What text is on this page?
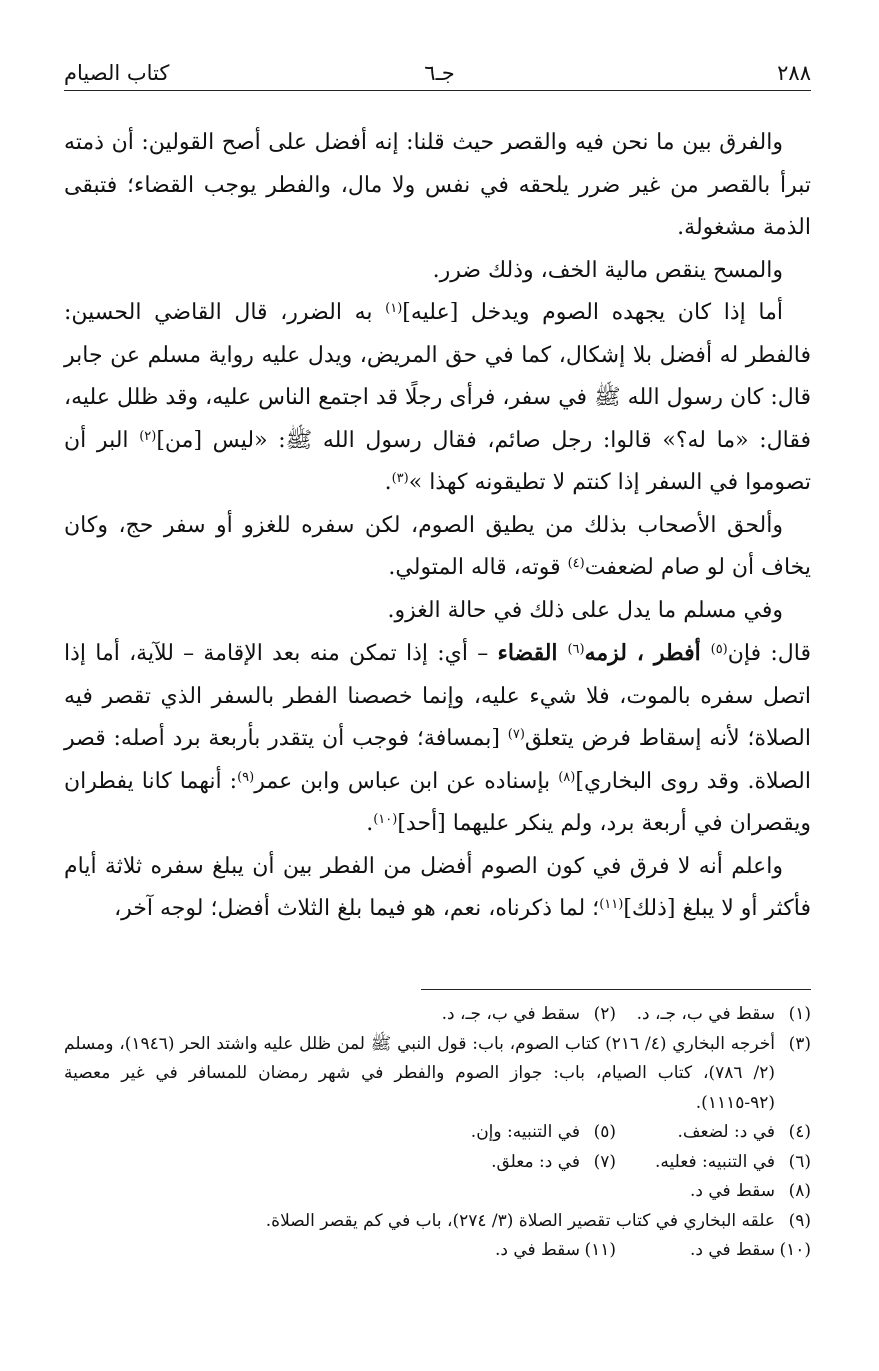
٢٨٨
جـ٦
كتاب الصيام

والفرق بين ما نحن فيه والقصر حيث قلنا: إنه أفضل على أصح القولين: أن ذمته تبرأ بالقصر من غير ضرر يلحقه في نفس ولا مال، والفطر يوجب القضاء؛ فتبقى الذمة مشغولة.

والمسح ينقص مالية الخف، وذلك ضرر.

أما إذا كان يجهده الصوم ويدخل [عليه]$^{(١)}$ به الضرر، قال القاضي الحسين: فالفطر له أفضل بلا إشكال، كما في حق المريض، ويدل عليه رواية مسلم عن جابر قال: كان رسول الله ﷺ في سفر، فرأى رجلًا قد اجتمع الناس عليه، وقد ظلل عليه، فقال: «ما له؟» قالوا: رجل صائم، فقال رسول الله ﷺ: «ليس [من]$^{(٢)}$ البر أن تصوموا في السفر إذا كنتم لا تطيقونه كهذا »$^{(٣)}$.

وألحق الأصحاب بذلك من يطيق الصوم، لكن سفره للغزو أو سفر حج، وكان يخاف أن لو صام لضعفت$^{(٤)}$ قوته، قاله المتولي.

وفي مسلم ما يدل على ذلك في حالة الغزو.

قال: فإن$^{(٥)}$ أفطر ، لزمه$^{(٦)}$ القضاء – أي: إذا تمكن منه بعد الإقامة – للآية، أما إذا اتصل سفره بالموت، فلا شيء عليه، وإنما خصصنا الفطر بالسفر الذي تقصر فيه الصلاة؛ لأنه إسقاط فرض يتعلق$^{(٧)}$ [بمسافة؛ فوجب أن يتقدر بأربعة برد أصله: قصر الصلاة. وقد روى البخاري]$^{(٨)}$ بإسناده عن ابن عباس وابن عمر$^{(٩)}$: أنهما كانا يفطران ويقصران في أربعة برد، ولم ينكر عليهما [أحد]$^{(١٠)}$.

واعلم أنه لا فرق في كون الصوم أفضل من الفطر بين أن يبلغ سفره ثلاثة أيام فأكثر أو لا يبلغ [ذلك]$^{(١١)}$؛ لما ذكرناه، نعم، هو فيما بلغ الثلاث أفضل؛ لوجه آخر،

(١)
سقط في ب، جـ، د.
(٢)
سقط في ب، جـ، د.
(٣)
أخرجه البخاري (٤/ ٢١٦) كتاب الصوم، باب: قول النبي ﷺ لمن ظلل عليه واشتد الحر (١٩٤٦)، ومسلم (٢/ ٧٨٦)، كتاب الصيام، باب: جواز الصوم والفطر في شهر رمضان للمسافر في غير معصية (٩٢-١١١٥).
(٤)
في د: لضعف.
(٥)
في التنبيه: وإن.
(٦)
في التنبيه: فعليه.
(٧)
في د: معلق.
(٨)
سقط في د.
(٩)
علقه البخاري في كتاب تقصير الصلاة (٣/ ٢٧٤)، باب في كم يقصر الصلاة.
(١٠)
سقط في د.
(١١)
سقط في د.
